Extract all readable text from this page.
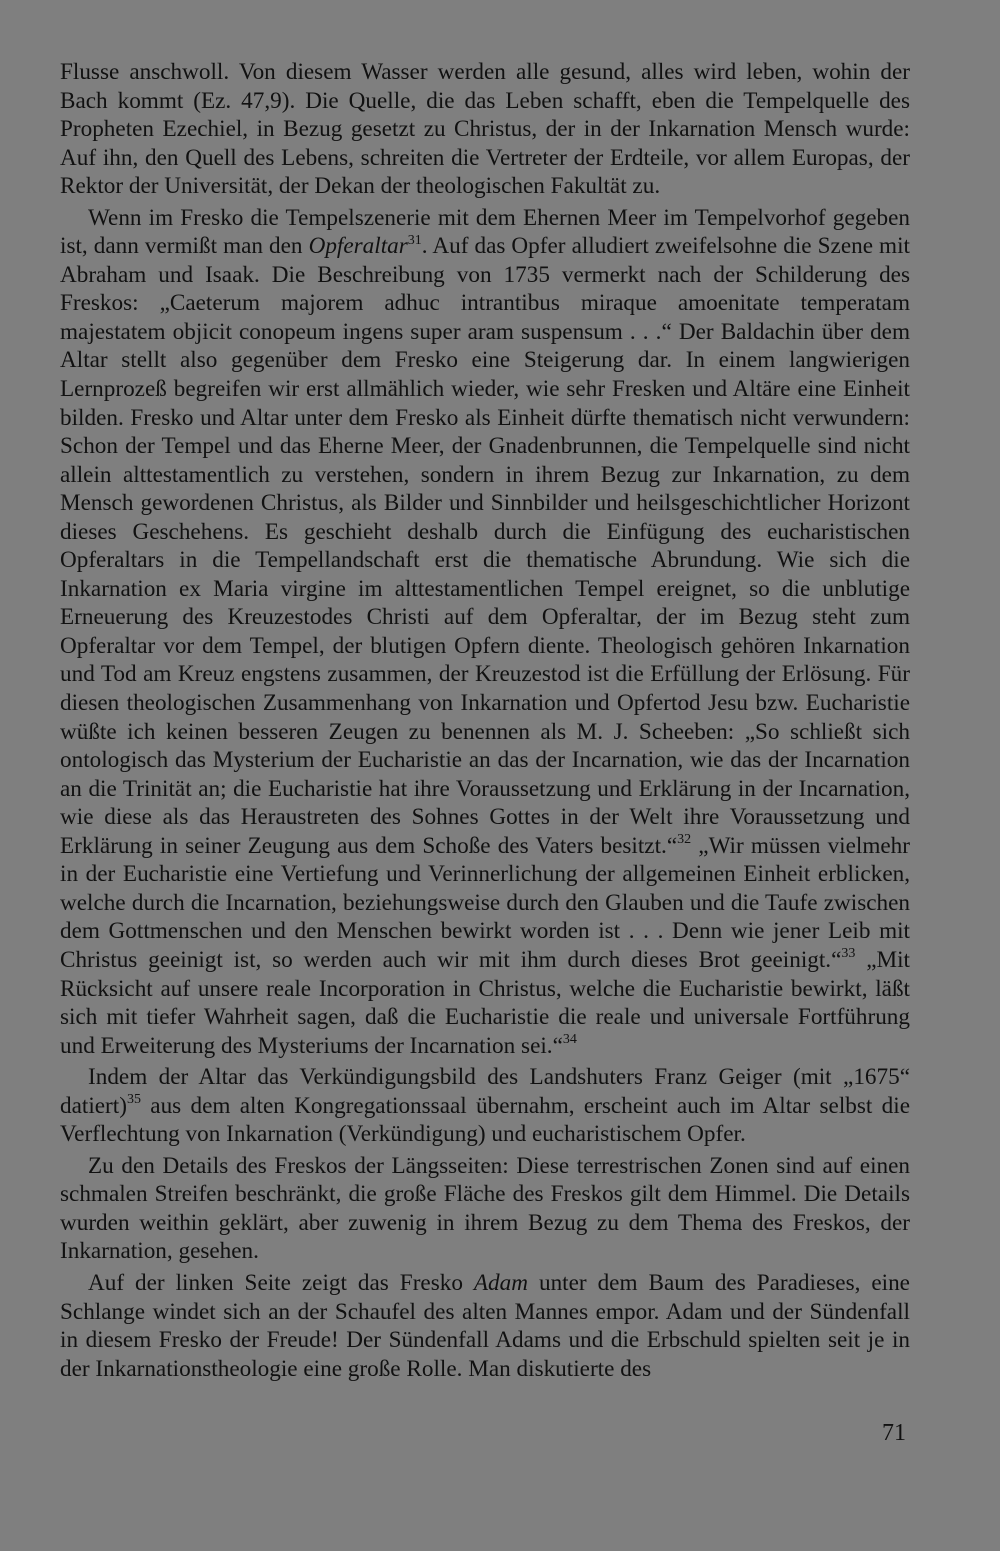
Flusse anschwoll. Von diesem Wasser werden alle gesund, alles wird leben, wohin der Bach kommt (Ez. 47,9). Die Quelle, die das Leben schafft, eben die Tempelquelle des Propheten Ezechiel, in Bezug gesetzt zu Christus, der in der Inkarnation Mensch wurde: Auf ihn, den Quell des Lebens, schreiten die Vertreter der Erdteile, vor allem Europas, der Rektor der Universität, der Dekan der theologischen Fakultät zu.

Wenn im Fresko die Tempelszenerie mit dem Ehernen Meer im Tempelvorhof gegeben ist, dann vermißt man den Opferaltar$^{31}$. Auf das Opfer alludiert zweifelsohne die Szene mit Abraham und Isaak. Die Beschreibung von 1735 vermerkt nach der Schilderung des Freskos: „Caeterum majorem adhuc intrantibus miraque amoenitate temperatam majestatem objicit conopeum ingens super aram suspensum . . .“ Der Baldachin über dem Altar stellt also gegenüber dem Fresko eine Steigerung dar. In einem langwierigen Lernprozeß begreifen wir erst allmählich wieder, wie sehr Fresken und Altäre eine Einheit bilden. Fresko und Altar unter dem Fresko als Einheit dürfte thematisch nicht verwundern: Schon der Tempel und das Eherne Meer, der Gnadenbrunnen, die Tempelquelle sind nicht allein alttestamentlich zu verstehen, sondern in ihrem Bezug zur Inkarnation, zu dem Mensch gewordenen Christus, als Bilder und Sinnbilder und heilsgeschichtlicher Horizont dieses Geschehens. Es geschieht deshalb durch die Einfügung des eucharistischen Opferaltars in die Tempellandschaft erst die thematische Abrundung. Wie sich die Inkarnation ex Maria virgine im alttestamentlichen Tempel ereignet, so die unblutige Erneuerung des Kreuzestodes Christi auf dem Opferaltar, der im Bezug steht zum Opferaltar vor dem Tempel, der blutigen Opfern diente. Theologisch gehören Inkarnation und Tod am Kreuz engstens zusammen, der Kreuzestod ist die Erfüllung der Erlösung. Für diesen theologischen Zusammenhang von Inkarnation und Opfertod Jesu bzw. Eucharistie wüßte ich keinen besseren Zeugen zu benennen als M. J. Scheeben: „So schließt sich ontologisch das Mysterium der Eucharistie an das der Incarnation, wie das der Incarnation an die Trinität an; die Eucharistie hat ihre Voraussetzung und Erklärung in der Incarnation, wie diese als das Heraustreten des Sohnes Gottes in der Welt ihre Voraussetzung und Erklärung in seiner Zeugung aus dem Schoße des Vaters besitzt.“$^{32}$ „Wir müssen vielmehr in der Eucharistie eine Vertiefung und Verinnerlichung der allgemeinen Einheit erblicken, welche durch die Incarnation, beziehungsweise durch den Glauben und die Taufe zwischen dem Gottmenschen und den Menschen bewirkt worden ist . . . Denn wie jener Leib mit Christus geeinigt ist, so werden auch wir mit ihm durch dieses Brot geeinigt.“$^{33}$ „Mit Rücksicht auf unsere reale Incorporation in Christus, welche die Eucharistie bewirkt, läßt sich mit tiefer Wahrheit sagen, daß die Eucharistie die reale und universale Fortführung und Erweiterung des Mysteriums der Incarnation sei.“$^{34}$

Indem der Altar das Verkündigungsbild des Landshuters Franz Geiger (mit „1675“ datiert)$^{35}$ aus dem alten Kongregationssaal übernahm, erscheint auch im Altar selbst die Verflechtung von Inkarnation (Verkündigung) und eucharistischem Opfer.

Zu den Details des Freskos der Längsseiten: Diese terrestrischen Zonen sind auf einen schmalen Streifen beschränkt, die große Fläche des Freskos gilt dem Himmel. Die Details wurden weithin geklärt, aber zuwenig in ihrem Bezug zu dem Thema des Freskos, der Inkarnation, gesehen.

Auf der linken Seite zeigt das Fresko Adam unter dem Baum des Paradieses, eine Schlange windet sich an der Schaufel des alten Mannes empor. Adam und der Sündenfall in diesem Fresko der Freude! Der Sündenfall Adams und die Erbschuld spielten seit je in der Inkarnationstheologie eine große Rolle. Man diskutierte des

71
